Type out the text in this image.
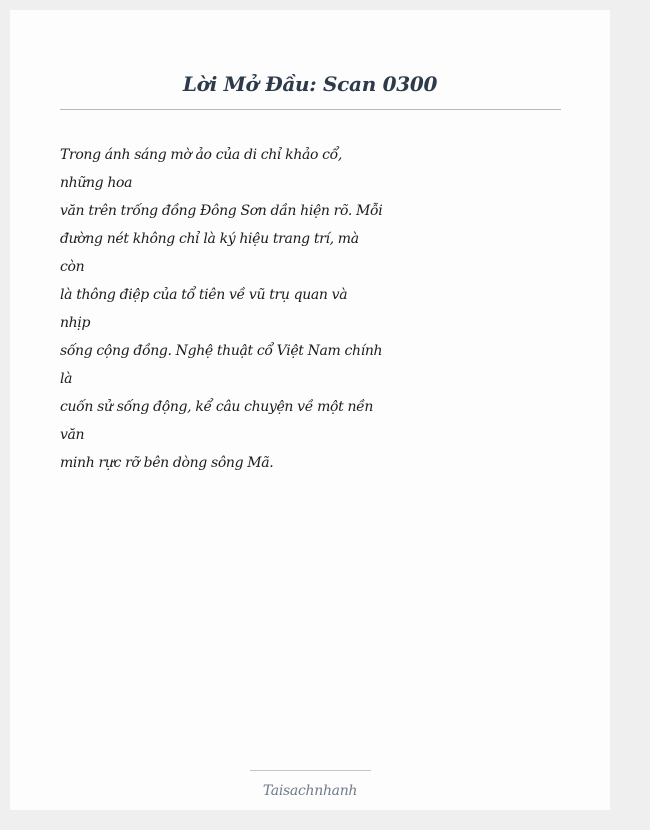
Lời Mở Đầu: Scan 0300
Trong ánh sáng mờ ảo của di chỉ khảo cổ,
những hoa
văn trên trống đồng Đông Sơn dần hiện rõ. Mỗi
đường nét không chỉ là ký hiệu trang trí, mà
còn
là thông điệp của tổ tiên về vũ trụ quan và
nhịp
sống cộng đồng. Nghệ thuật cổ Việt Nam chính
là
cuốn sử sống động, kể câu chuyện về một nền
văn
minh rực rỡ bên dòng sông Mã.
Taisachnhanh
